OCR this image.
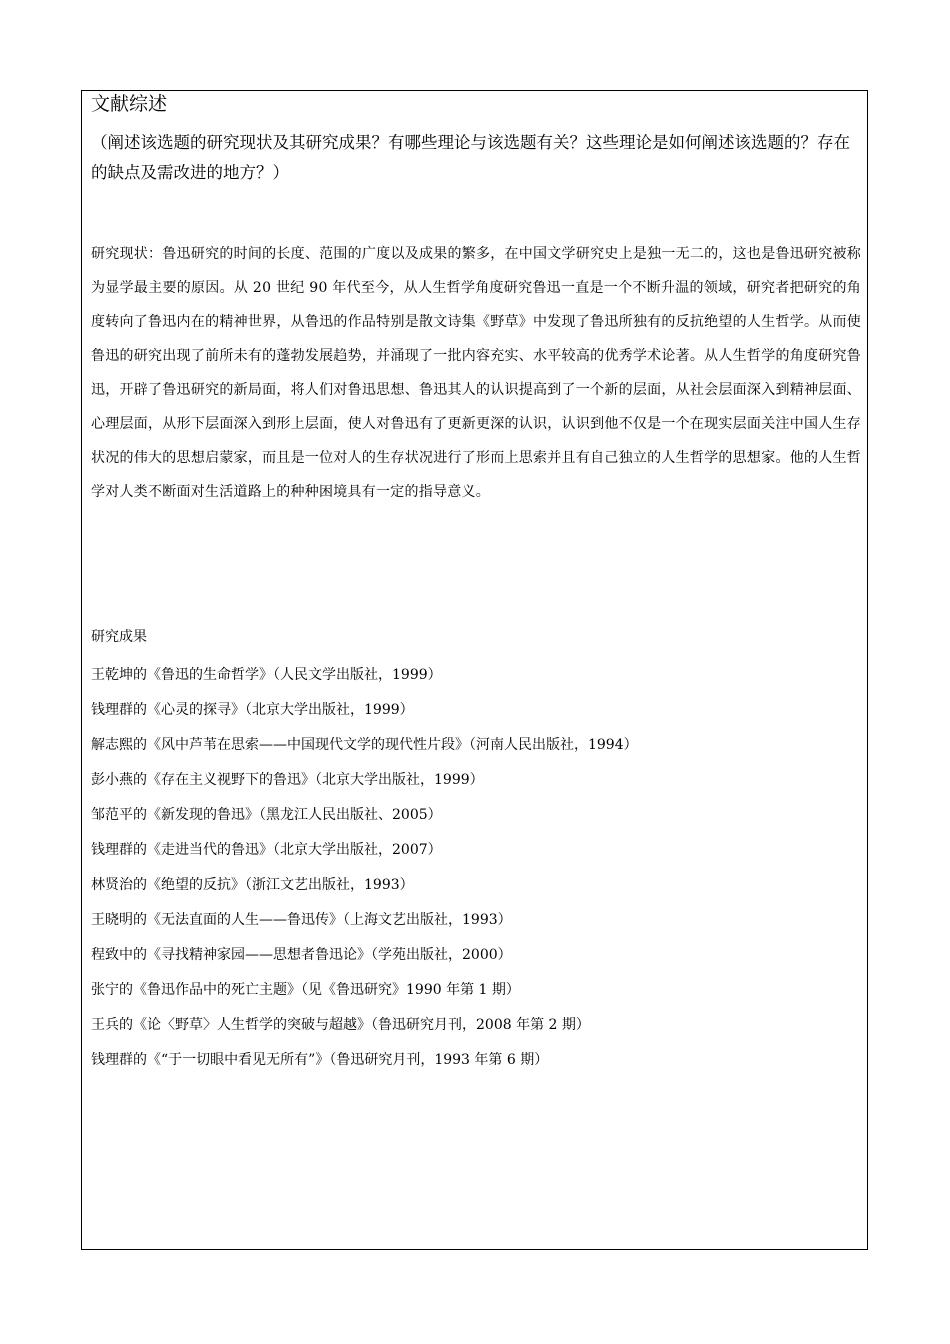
文献综述

（阐述该选题的研究现状及其研究成果？有哪些理论与该选题有关？这些理论是如何阐述该选题的？存在的缺点及需改进的地方？）

研究现状：鲁迅研究的时间的长度、范围的广度以及成果的繁多，在中国文学研究史上是独一无二的，这也是鲁迅研究被称为显学最主要的原因。从 20 世纪 90 年代至今，从人生哲学角度研究鲁迅一直是一个不断升温的领域，研究者把研究的角度转向了鲁迅内在的精神世界，从鲁迅的作品特别是散文诗集《野草》中发现了鲁迅所独有的反抗绝望的人生哲学。从而使鲁迅的研究出现了前所未有的蓬勃发展趋势，并涌现了一批内容充实、水平较高的优秀学术论著。从人生哲学的角度研究鲁迅，开辟了鲁迅研究的新局面，将人们对鲁迅思想、鲁迅其人的认识提高到了一个新的层面，从社会层面深入到精神层面、心理层面，从形下层面深入到形上层面，使人对鲁迅有了更新更深的认识，认识到他不仅是一个在现实层面关注中国人生存状况的伟大的思想启蒙家，而且是一位对人的生存状况进行了形而上思索并且有自己独立的人生哲学的思想家。他的人生哲学对人类不断面对生活道路上的种种困境具有一定的指导意义。

研究成果
王乾坤的《鲁迅的生命哲学》（人民文学出版社，1999）
钱理群的《心灵的探寻》（北京大学出版社，1999）
解志熙的《风中芦苇在思索——中国现代文学的现代性片段》（河南人民出版社，1994）
彭小燕的《存在主义视野下的鲁迅》（北京大学出版社，1999）
邹范平的《新发现的鲁迅》（黑龙江人民出版社、2005）
钱理群的《走进当代的鲁迅》（北京大学出版社，2007）
林贤治的《绝望的反抗》（浙江文艺出版社，1993）
王晓明的《无法直面的人生——鲁迅传》（上海文艺出版社，1993）
程致中的《寻找精神家园——思想者鲁迅论》（学苑出版社，2000）
张宁的《鲁迅作品中的死亡主题》（见《鲁迅研究》1990 年第 1 期）
王兵的《论〈野草〉人生哲学的突破与超越》（鲁迅研究月刊，2008 年第 2 期）
钱理群的《“于一切眼中看见无所有”》（鲁迅研究月刊，1993 年第 6 期）
